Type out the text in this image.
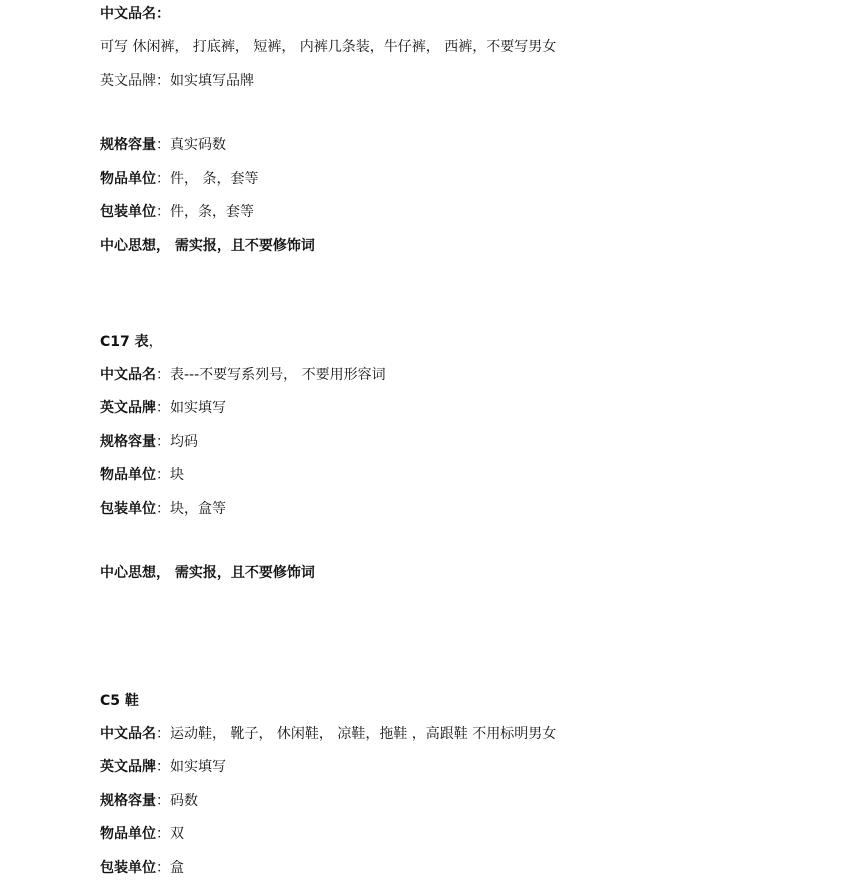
中文品名：
可写 休闲裤， 打底裤， 短裤， 内裤几条装，牛仔裤， 西裤，不要写男女
英文品牌：如实填写品牌
规格容量：真实码数
物品单位：件， 条，套等
包装单位：件，条，套等
中心思想， 需实报，且不要修饰词
C17 表，
中文品名：表---不要写系列号， 不要用形容词
英文品牌：如实填写
规格容量：均码
物品单位：块
包装单位：块，盒等
中心思想， 需实报，且不要修饰词
C5 鞋
中文品名：运动鞋， 靴子， 休闲鞋， 凉鞋，拖鞋 ，高跟鞋 不用标明男女
英文品牌：如实填写
规格容量：码数
物品单位：双
包装单位：盒
